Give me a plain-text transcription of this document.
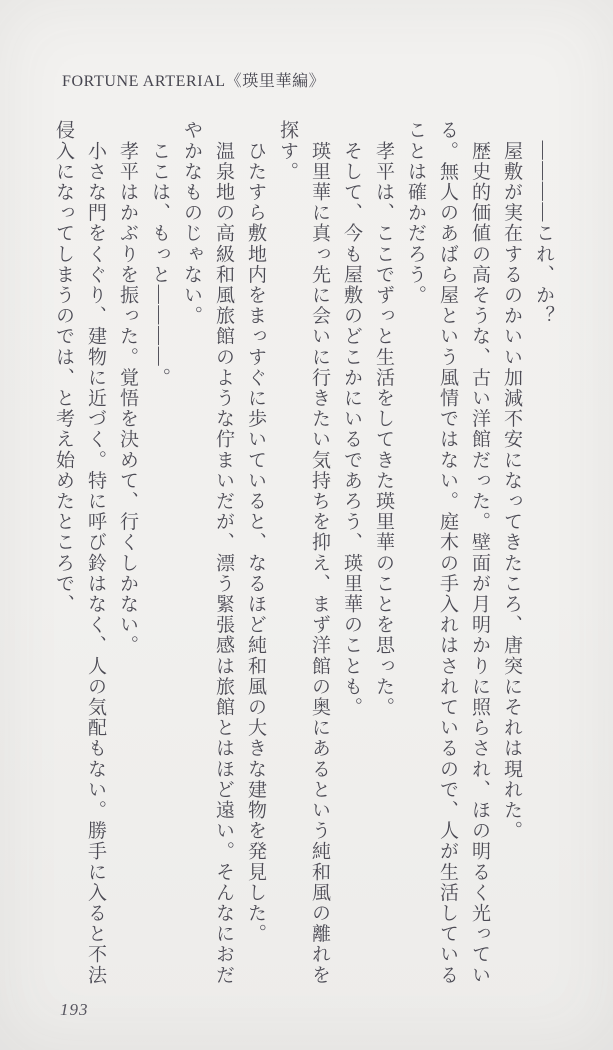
FORTUNE ARTERIAL《瑛里華編》

　――――これ、か？

　屋敷が実在するのかいい加減不安になってきたころ、唐突にそれは現れた。

　歴史的価値の高そうな、古い洋館だった。壁面が月明かりに照らされ、ほの明るく光っている。無人のあばら屋という風情ではない。庭木の手入れはされているので、人が生活していることは確かだろう。

　孝平は、ここでずっと生活をしてきた瑛里華のことを思った。

　そして、今も屋敷のどこかにいるであろう、瑛里華のことも。

　瑛里華に真っ先に会いに行きたい気持ちを抑え、まず洋館の奥にあるという純和風の離れを探す。

　ひたすら敷地内をまっすぐに歩いていると、なるほど純和風の大きな建物を発見した。

　温泉地の高級和風旅館のような佇まいだが、漂う緊張感は旅館とはほど遠い。そんなにおだやかなものじゃない。

　ここは、もっと――――。

　孝平はかぶりを振った。覚悟を決めて、行くしかない。

　小さな門をくぐり、建物に近づく。特に呼び鈴はなく、人の気配もない。勝手に入ると不法侵入になってしまうのでは、と考え始めたところで、

193
